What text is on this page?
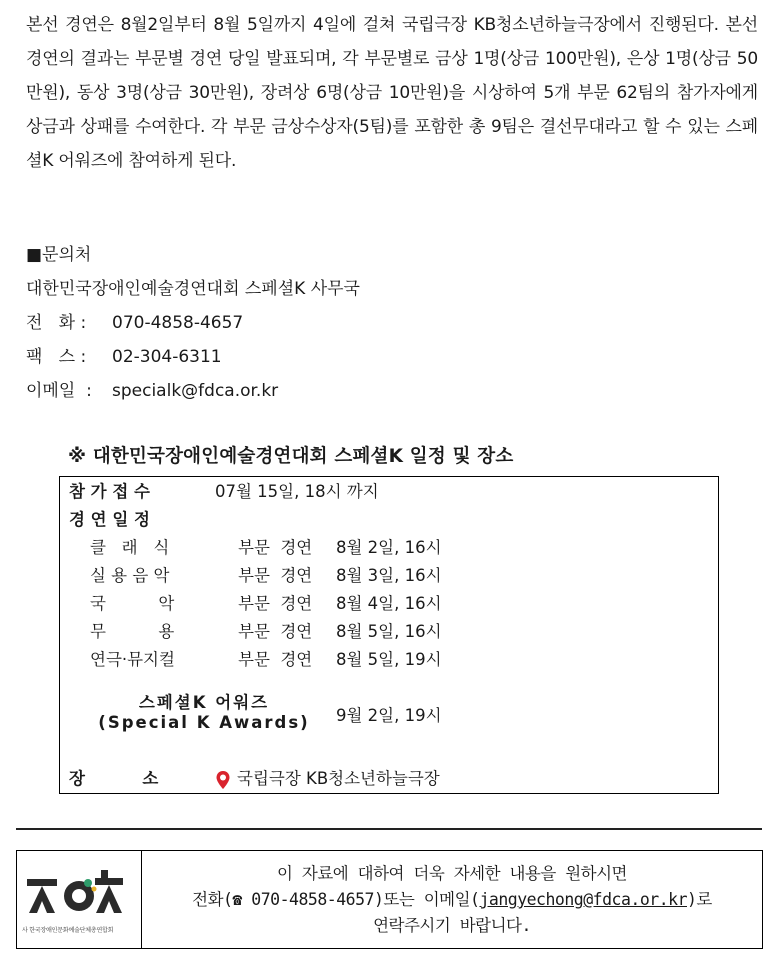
본선 경연은 8월2일부터 8월 5일까지 4일에 걸쳐 국립극장 KB청소년하늘극장에서 진행된다. 본선경연의 결과는 부문별 경연 당일 발표되며, 각 부문별로 금상 1명(상금 100만원), 은상 1명(상금 50만원), 동상 3명(상금 30만원), 장려상 6명(상금 10만원)을 시상하여 5개 부문 62팀의 참가자에게 상금과 상패를 수여한다. 각 부문 금상수상자(5팀)를 포함한 총 9팀은 결선무대라고 할 수 있는 스페셜K 어워즈에 참여하게 된다.

■문의처
대한민국장애인예술경연대회 스페셜K 사무국
전   화 : 070-4858-4657
팩   스 : 02-304-6311
이메일  : specialk@fdca.or.kr
※ 대한민국장애인예술경연대회 스페셜K 일정 및 장소
참 가 접 수	07월 15일, 18시 까지
경 연 일 정
클   래   식	부문  경연 8월 2일, 16시
실 용 음 악	부문  경연 8월 3일, 16시
국          악	부문  경연 8월 4일, 16시
무          용	부문  경연 8월 5일, 16시
연극·뮤지컬	부문  경연 8월 5일, 19시
스페셜K 어워즈
(Special K Awards) 9월 2일, 19시
장          소	국립극장 KB청소년하늘극장
사 한국장애인문화예술단체총연합회
이 자료에 대하여 더욱 자세한 내용을 원하시면
전화(☎ 070-4858-4657)또는 이메일(jangyechong@fdca.or.kr)로
연락주시기 바랍니다.
